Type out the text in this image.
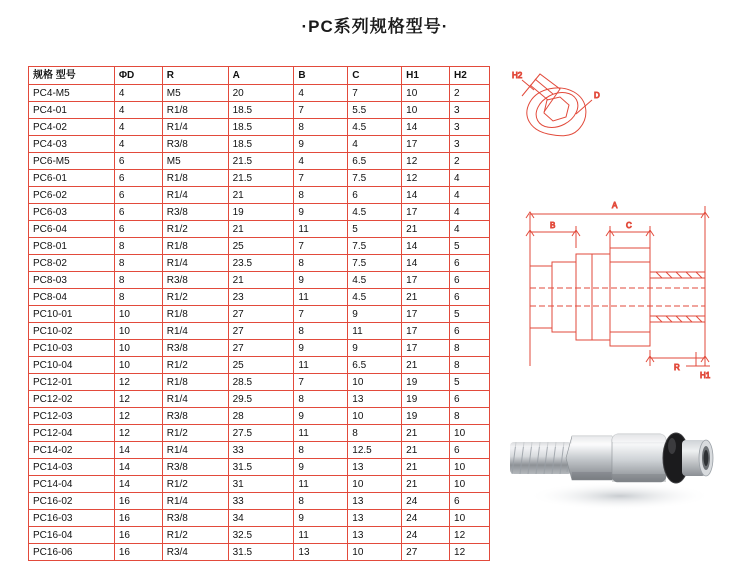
·PC系列规格型号·
规格 型号	ΦD	R	A	B	C	H1	H2
PC4-M5	4	M5	20	4	7	10	2
PC4-01	4	R1/8	18.5	7	5.5	10	3
PC4-02	4	R1/4	18.5	8	4.5	14	3
PC4-03	4	R3/8	18.5	9	4	17	3
PC6-M5	6	M5	21.5	4	6.5	12	2
PC6-01	6	R1/8	21.5	7	7.5	12	4
PC6-02	6	R1/4	21	8	6	14	4
PC6-03	6	R3/8	19	9	4.5	17	4
PC6-04	6	R1/2	21	11	5	21	4
PC8-01	8	R1/8	25	7	7.5	14	5
PC8-02	8	R1/4	23.5	8	7.5	14	6
PC8-03	8	R3/8	21	9	4.5	17	6
PC8-04	8	R1/2	23	11	4.5	21	6
PC10-01	10	R1/8	27	7	9	17	5
PC10-02	10	R1/4	27	8	11	17	6
PC10-03	10	R3/8	27	9	9	17	8
PC10-04	10	R1/2	25	11	6.5	21	8
PC12-01	12	R1/8	28.5	7	10	19	5
PC12-02	12	R1/4	29.5	8	13	19	6
PC12-03	12	R3/8	28	9	10	19	8
PC12-04	12	R1/2	27.5	11	8	21	10
PC14-02	14	R1/4	33	8	12.5	21	6
PC14-03	14	R3/8	31.5	9	13	21	10
PC14-04	14	R1/2	31	11	10	21	10
PC16-02	16	R1/4	33	8	13	24	6
PC16-03	16	R3/8	34	9	13	24	10
PC16-04	16	R1/2	32.5	11	13	24	12
PC16-06	16	R3/4	31.5	13	10	27	12
H2
D
A
B	C
R
H1
